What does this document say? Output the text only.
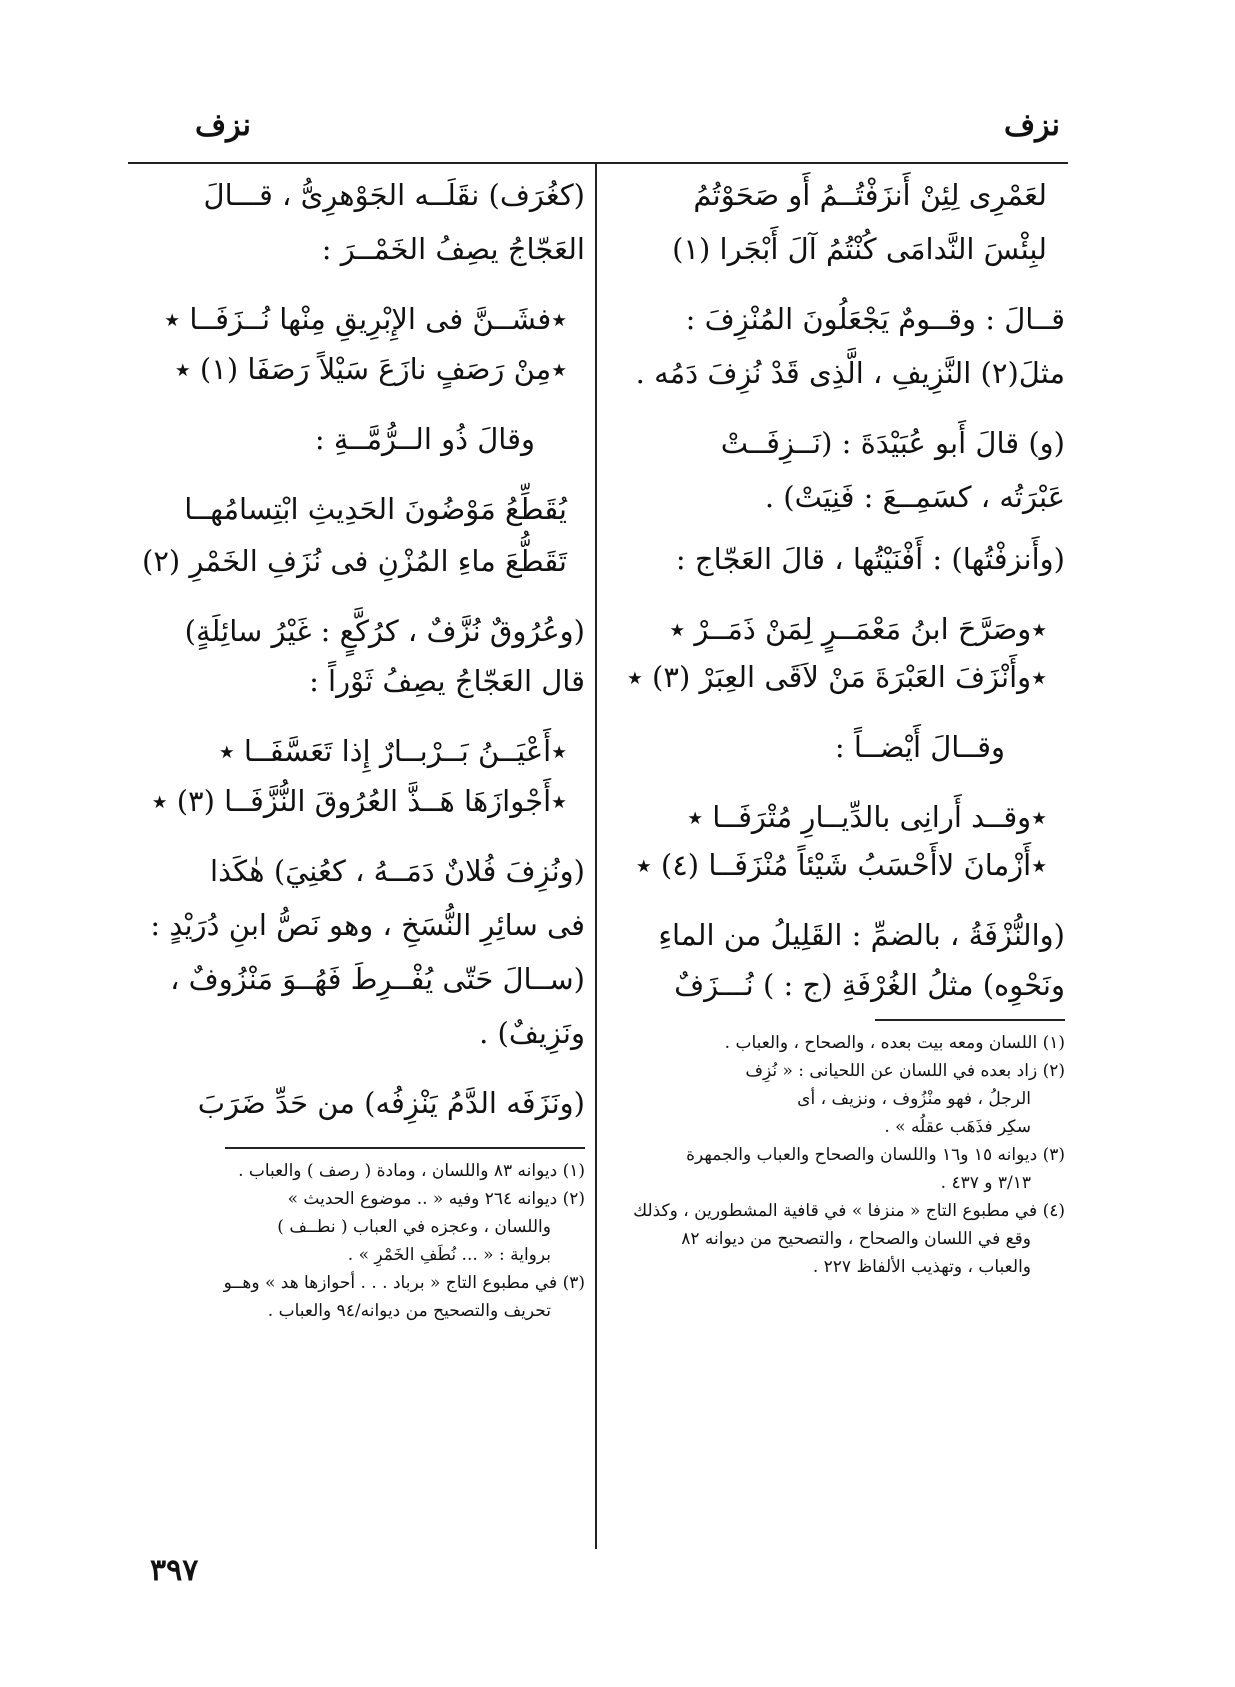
نزف
نزف
لعَمْرِى لِئِنْ أَنزَفْتُــمُ أَو صَحَوْتُمُ
لبِئْسَ النَّدامَى كُنْتُمُ آلَ أَبْجَرا (١)
قــالَ : وقــومٌ يَجْعَلُونَ المُنْزِفَ :
مثلَ(٢) النَّزِيفِ ، الَّذِى قَدْ نُزِفَ دَمُه .
(و) قالَ أَبو عُبَيْدَةَ : (نَــزِفَــتْ
عَبْرَتُه ، كسَمِــعَ : فَنِيَتْ) .
(وأَنزفْتُها) : أَفْنَيْتُها ، قالَ العَجّاج :
٭وصَرَّحَ ابنُ مَعْمَــرٍ لِمَنْ ذَمَــرْ ٭
٭وأَنْزَفَ العَبْرَةَ مَنْ لاَقَى العِبَرْ (٣) ٭
وقــالَ أَيْضــاً :
٭وقــد أَرانِى بالدِّيــارِ مُتْرَفَــا ٭
٭أَزْمانَ لاأَحْسَبُ شَيْئاً مُنْزَفَــا (٤) ٭
(والنُّزْفَةُ ، بالضمِّ : القَلِيلُ من الماءِ
ونَحْوِه) مثلُ الغُرْفَةِ (ج : ) نُـــزَفٌ
(١) اللسان ومعه بيت بعده ، والصحاح ، والعباب .
(٢) زاد بعده في اللسان عن اللحيانى : « نُزِف
الرجلُ ، فهو منْزُوف ، ونزيف ، أى
سكِر فذَهَب عقلُه » .
(٣) ديوانه ١٥ و١٦ واللسان والصحاح والعباب والجمهرة
٣/١٣ و ٤٣٧ .
(٤) في مطبوع التاج « منزفا » في قافية المشطورين ، وكذلك
وقع في اللسان والصحاح ، والتصحيح من ديوانه ٨٢
والعباب ، وتهذيب الألفاظ ٢٢٧ .
(كغُرَف) نقَلَــه الجَوْهرِىُّ ، قـــالَ
العَجّاجُ يصِفُ الخَمْــرَ :
٭فشَــنَّ فى الإِبْرِيقِ مِنْها نُــزَفَــا ٭
٭مِنْ رَصَفٍ نازَعَ سَيْلاً رَصَفَا (١) ٭
وقالَ ذُو الــرُّمَّــةِ :
يُقَطِّعُ مَوْضُونَ الحَدِيثِ ابْتِسامُهــا
تَقَطُّعَ ماءِ المُزْنِ فى نُزَفِ الخَمْرِ (٢)
(وعُرُوقٌ نُزَّفٌ ، كرُكَّعٍ : غَيْرُ سائِلَةٍ)
قال العَجّاجُ يصِفُ ثَوْراً :
٭أَعْيَــنُ بَــرْبــارٌ إِذا تَعَسَّفَــا ٭
٭أَجْوازَهَا هَــذَّ العُرُوقَ النُّزَّفَــا (٣) ٭
(ونُزِفَ فُلانٌ دَمَــهُ ، كعُنِيَ) هٰكَذا
فى سائِرِ النُّسَخِ ، وهو نَصُّ ابنِ دُرَيْدٍ :
(ســالَ حَتّى يُفْــرِطَ فَهُــوَ مَنْزُوفٌ ،
ونَزِيفٌ) .
(ونَزَفَه الدَّمُ يَنْزِفُه) من حَدِّ ضَرَبَ
(١) ديوانه ٨٣ واللسان ، ومادة ( رصف ) والعباب .
(٢) ديوانه ٢٦٤ وفيه « .. موضوع الحديث »
واللسان ، وعجزه في العباب ( نطــف )
برواية : « ... نُطَفِ الخَمْرِ » .
(٣) في مطبوع التاج « برباد . . . أحوازها هد » وهــو
تحريف والتصحيح من ديوانه/٩٤ والعباب .
٣٩٧
